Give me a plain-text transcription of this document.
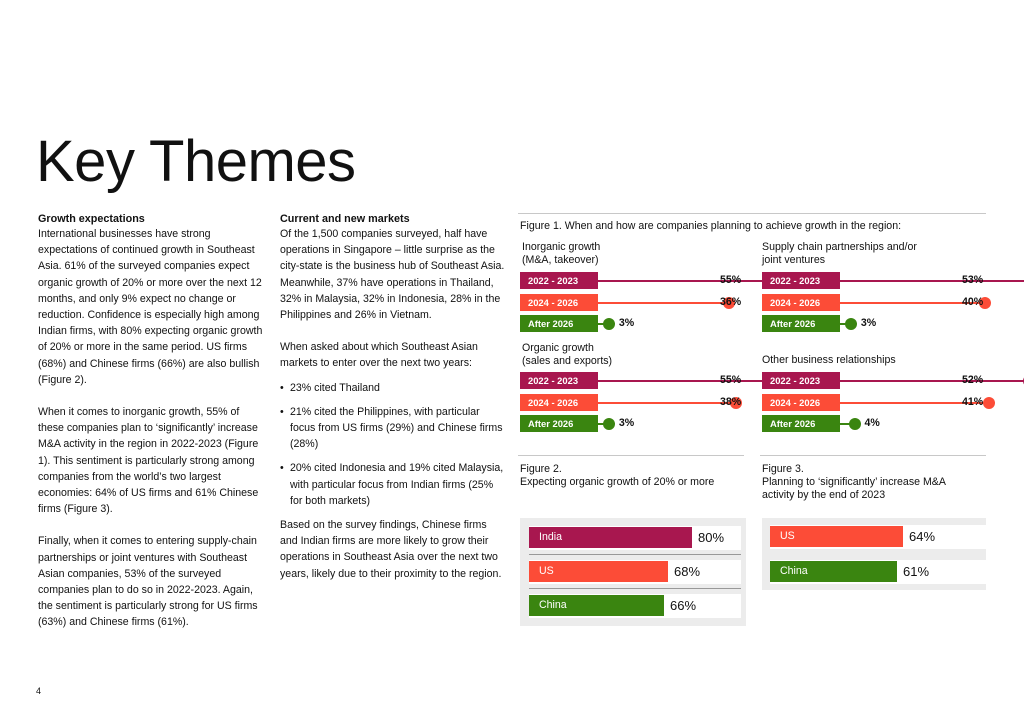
Key Themes
Growth expectations

International businesses have strong expectations of continued growth in Southeast Asia. 61% of the surveyed companies expect organic growth of 20% or more over the next 12 months, and only 9% expect no change or reduction. Confidence is especially high among Indian firms, with 80% expecting organic growth of 20% or more in the same period. US firms (68%) and Chinese firms (66%) are also bullish (Figure 2).

When it comes to inorganic growth, 55% of these companies plan to ‘significantly’ increase M&A activity in the region in 2022-2023 (Figure 1). This sentiment is particularly strong among companies from the world’s two largest economies: 64% of US firms and 61% Chinese firms (Figure 3).

Finally, when it comes to entering supply-chain partnerships or joint ventures with Southeast Asian companies, 53% of the surveyed companies plan to do so in 2022-2023. Again, the sentiment is particularly strong for US firms (63%) and Chinese firms (61%).

Current and new markets

Of the 1,500 companies surveyed, half have operations in Singapore – little surprise as the city-state is the business hub of Southeast Asia. Meanwhile, 37% have operations in Thailand, 32% in Malaysia, 32% in Indonesia, 28% in the Philippines and 26% in Vietnam.

When asked about which Southeast Asian markets to enter over the next two years:

• 23% cited Thailand
• 21% cited the Philippines, with particular focus from US firms (29%) and Chinese firms (28%)
• 20% cited Indonesia and 19% cited Malaysia, with particular focus from Indian firms (25% for both markets)

Based on the survey findings, Chinese firms and Indian firms are more likely to grow their operations in Southeast Asia over the next two years, likely due to their proximity to the region.

Figure 1. When and how are companies planning to achieve growth in the region:
Inorganic growth
(M&A, takeover)
Supply chain partnerships and/or
joint ventures
Organic growth
(sales and exports)	Other business relationships
2022 - 2023	55%
2024 - 2026	36%
After 2026	3%
2022 - 2023	53%
2024 - 2026	40%
After 2026	3%
2022 - 2023	55%
2024 - 2026	38%
After 2026	3%
2022 - 2023	52%
2024 - 2026	41%
After 2026	4%
Figure 2.
Expecting organic growth of 20% or more
India	80%
US	68%
China	66%
Figure 3.
Planning to ‘significantly’ increase M&A activity by the end of 2023
US	64%
China	61%
4
